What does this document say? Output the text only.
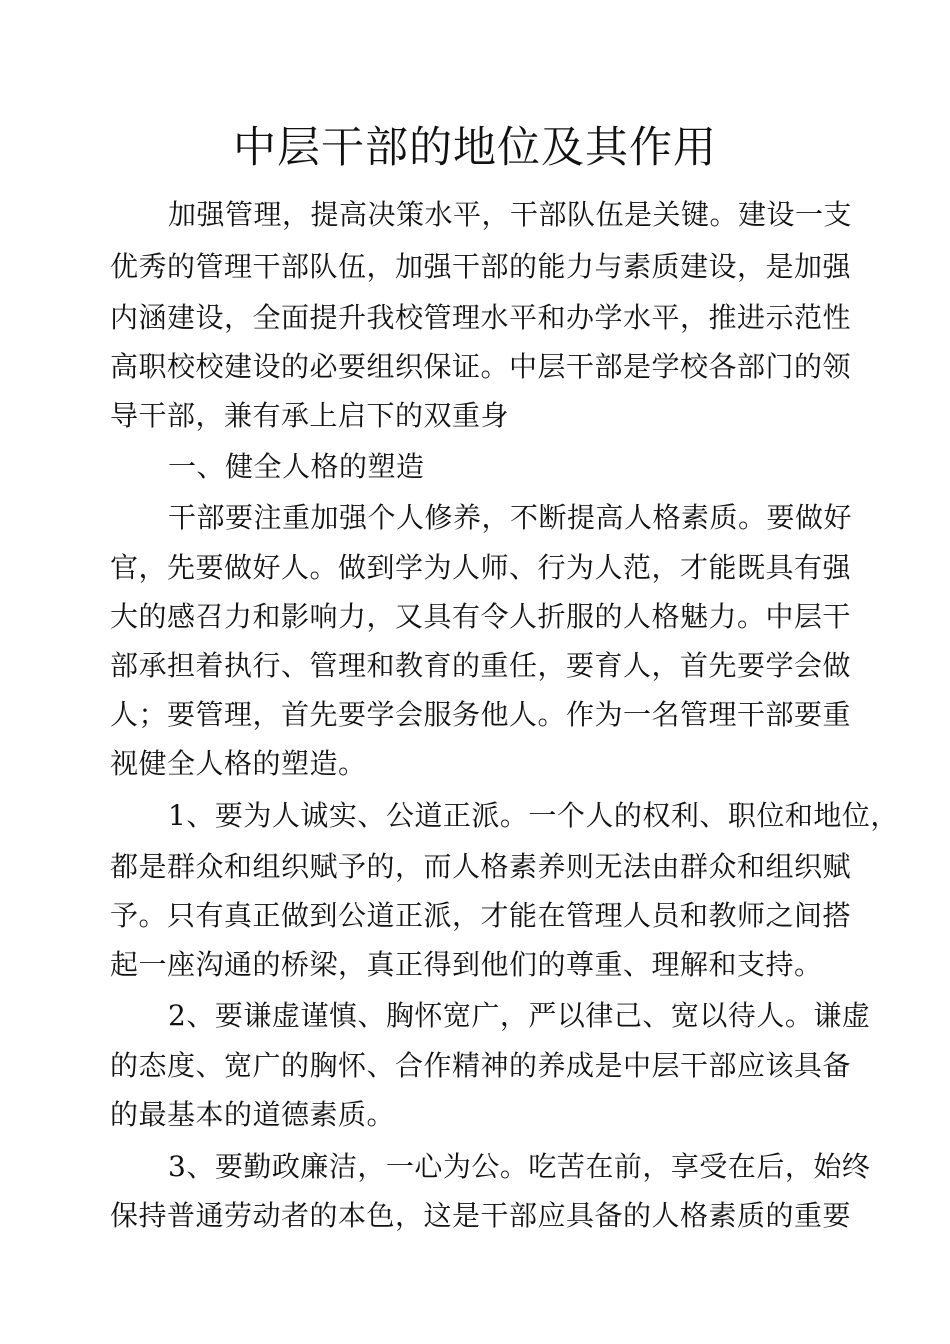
中层干部的地位及其作用
加强管理，提高决策水平，干部队伍是关键。建设一支
优秀的管理干部队伍，加强干部的能力与素质建设，是加强
内涵建设，全面提升我校管理水平和办学水平，推进示范性
高职校校建设的必要组织保证。中层干部是学校各部门的领
导干部，兼有承上启下的双重身
一、健全人格的塑造
干部要注重加强个人修养，不断提高人格素质。要做好
官，先要做好人。做到学为人师、行为人范，才能既具有强
大的感召力和影响力，又具有令人折服的人格魅力。中层干
部承担着执行、管理和教育的重任，要育人，首先要学会做
人；要管理，首先要学会服务他人。作为一名管理干部要重
视健全人格的塑造。
1、要为人诚实、公道正派。一个人的权利、职位和地位，
都是群众和组织赋予的，而人格素养则无法由群众和组织赋
予。只有真正做到公道正派，才能在管理人员和教师之间搭
起一座沟通的桥梁，真正得到他们的尊重、理解和支持。
2、要谦虚谨慎、胸怀宽广，严以律己、宽以待人。谦虚
的态度、宽广的胸怀、合作精神的养成是中层干部应该具备
的最基本的道德素质。
3、要勤政廉洁，一心为公。吃苦在前，享受在后，始终
保持普通劳动者的本色，这是干部应具备的人格素质的重要
